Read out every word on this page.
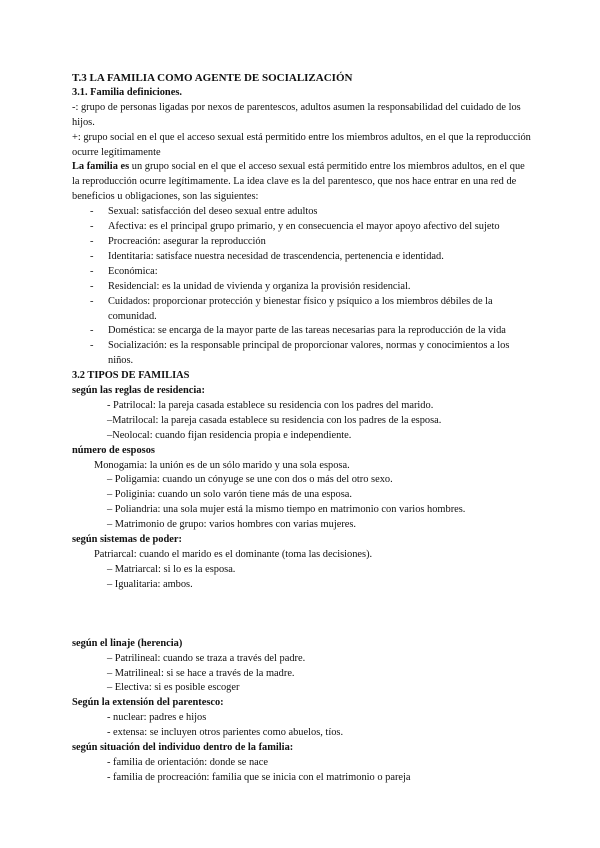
T.3 LA FAMILIA COMO AGENTE DE SOCIALIZACIÓN

3.1. Familia definiciones.

-: grupo de personas ligadas por nexos de parentescos, adultos asumen la responsabilidad del cuidado de los hijos.

+: grupo social en el que el acceso sexual está permitido entre los miembros adultos, en el que la reproducción ocurre legítimamente

La familia es un grupo social en el que el acceso sexual está permitido entre los miembros adultos, en el que la reproducción ocurre legítimamente. La idea clave es la del parentesco, que nos hace entrar en una red de beneficios u obligaciones, son las siguientes:

- Sexual: satisfacción del deseo sexual entre adultos
- Afectiva: es el principal grupo primario, y en consecuencia el mayor apoyo afectivo del sujeto
- Procreación: asegurar la reproducción
- Identitaria: satisface nuestra necesidad de trascendencia, pertenencia e identidad.
- Económica:
- Residencial: es la unidad de vivienda y organiza la provisión residencial.
- Cuidados: proporcionar protección y bienestar físico y psíquico a los miembros débiles de la comunidad.
- Doméstica: se encarga de la mayor parte de las tareas necesarias para la reproducción de la vida
- Socialización: es la responsable principal de proporcionar valores, normas y conocimientos a los niños.

3.2 TIPOS DE FAMILIAS

según las reglas de residencia:

- Patrilocal: la pareja casada establece su residencia con los padres del marido.

–Matrilocal: la pareja casada establece su residencia con los padres de la esposa.

–Neolocal: cuando fijan residencia propia e independiente.

número de esposos

Monogamia: la unión es de un sólo marido y una sola esposa.

– Poligamia: cuando un cónyuge se une con dos o más del otro sexo.

– Poliginia: cuando un solo varón tiene más de una esposa.

– Poliandria: una sola mujer está la mismo tiempo en matrimonio con varios hombres.

– Matrimonio de grupo: varios hombres con varias mujeres.

según sistemas de poder:

Patriarcal: cuando el marido es el dominante (toma las decisiones).

– Matriarcal: si lo es la esposa.

– Igualitaria: ambos.

según el linaje (herencia)

– Patrilineal: cuando se traza a través del padre.

– Matrilineal: si se hace a través de la madre.

– Electiva: si es posible escoger

Según la extensión del parentesco:

- nuclear: padres e hijos

- extensa: se incluyen otros parientes como abuelos, tíos.

según situación del individuo dentro de la familia:

- familia de orientación: donde se nace

- familia de procreación: familia que se inicia con el matrimonio o pareja
